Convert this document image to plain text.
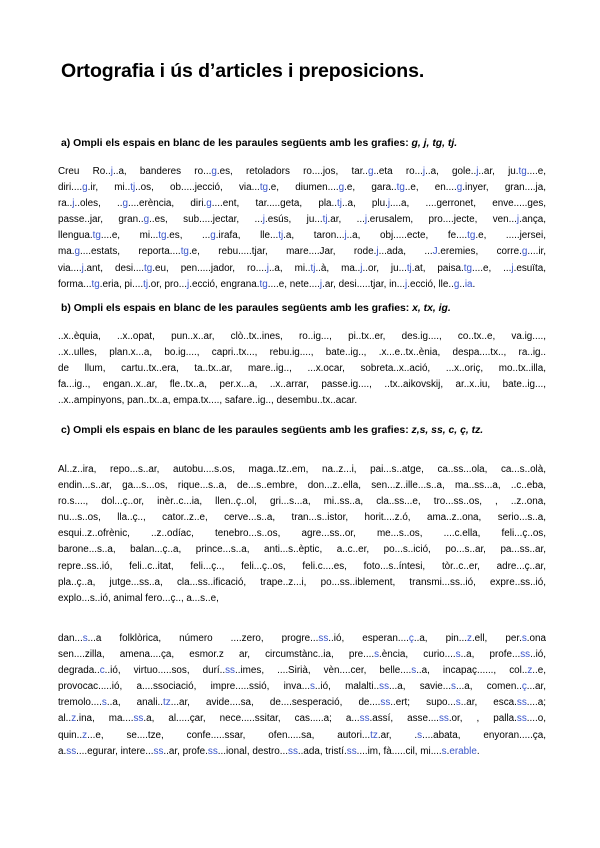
Ortografia i ús d’articles i preposicions.
a) Ompli els espais en blanc de les paraules següents amb les grafies: g, j, tg, tj.
Creu Ro..j..a, banderes ro...g.es, retoladors ro....jos, tar..g..eta ro...j..a, gole..j..ar, ju.tg....e,
diri....g.ir, mi..tj..os, ob.....jecció, via...tg.e, diumen....g.e, gara..tg..e, en....g.inyer, gran....ja,
ra..j..oles, ..g....erència, diri.g....ent, tar.....geta, pla..tj..a, plu.j....a, ....gerronet, enve.....ges,
passe..jar, gran..g..es, sub.....jectar, ...j.esús, ju...tj.ar, ...j.erusalem, pro....jecte, ven...j.ança,
llengua.tg....e, mi...tg.es, ...g.irafa, lle...tj.a, taron...j..a, obj.....ecte, fe....tg.e, .....jersei,
ma.g....estats, reporta....tg.e, rebu.....tjar, mare....Jar, rode.j...ada, ...J.eremies, corre.g....ir,
via....j.ant, desi....tg.eu, pen.....jador, ro....j..a, mi..tj..à, ma..j..or, ju...tj.at, paisa.tg....e, ...j.esuïta,
forma...tg.eria, pi....tj.or, pro...j.ecció, engrana.tg....e, nete....j.ar, desi.....tjar, in...j.ecció, lle..g..ia.
b) Ompli els espais en blanc de les paraules següents amb les grafies: x, tx, ig.
..x..èquia, ..x..opat, pun..x..ar, clò..tx..ines, ro..ig..., pi..tx..er, des.ig...., co..tx..e, va.ig....,
..x..ulles, plan.x...a, bo.ig...., capri..tx..., rebu.ig...., bate..ig.., .x...e..tx..ènia, despa....tx.., ra..ig..
de llum, cartu..tx..era, ta..tx..ar, mare..ig.., ...x.ocar, sobreta..x..ació, ...x..oriç, mo..tx..illa,
fa...ig.., engan..x..ar, fle..tx..a, per.x...a, ..x..arrar, passe.ig...., ..tx..aikovskij, ar..x..iu, bate..ig...,
..x..ampinyons, pan..tx..a, empa.tx...., safare..ig.., desembu..tx..acar.
c) Ompli els espais en blanc de les paraules següents amb les grafies: z,s, ss, c, ç, tz.
Al..z..ira, repo...s..ar, autobu....s.os, maga..tz..em, na..z...i, pai...s..atge, ca..ss...ola, ca...s..olà,
endin...s..ar, ga...s...os, rique...s..a, de...s..embre, don...z..ella, sen...z..ille...s..a, ma..ss...a, ..c..eba,
ro.s...., dol...ç..or, inèr..c...ia, llen..ç..ol, gri...s...a, mi..ss..a, cla..ss...e, tro...ss..os, , ..z..ona,
nu...s..os, lla..ç.., cator..z..e, cerve...s..a, tran...s..istor, horit....z.ó, ama..z..ona, serio...s..a,
esqui..z..ofrènic, ..z..odíac, tenebro...s..os, agre...ss..or, me...s..os, ....c.ella, feli...ç..os,
barone...s..a, balan...ç..a, prince...s..a, anti...s..èptic, a..c..er, po...s..ició, po...s..ar, pa...ss..ar,
repre..ss..ió, feli..c..itat, feli...ç.., feli...ç..os, feli.c....es, foto...s..íntesi, tòr..c..er, adre...ç..ar,
pla..ç..a, jutge...ss..a, cla...ss..ificació, trape..z...i, po...ss..iblement, transmi...ss..ió, expre..ss..ió,
explo...s..ió, animal fero...ç.., a...s..e,
dan...s...a folklòrica, número ....zero, progre...ss..ió, esperan....ç..a, pin...z.ell, per.s.ona
sen....zilla, amena....ça, esmor.z ar, circumstànc..ia, pre....s.ència, curio....s..a, profe...ss..ió,
degrada..c..ió, virtuo.....sos, durí..ss..imes, ....Sirià, vèn....cer, belle....s..a, incapaç......, col..z..e,
provocac.....ió, a....ssociació, impre.....ssió, inva...s..ió, malalti..ss...a, savie...s...a, comen..ç...ar,
tremolo....s..a, anali..tz...ar, avide....sa, de....sesperació, de....ss..ert; supo...s..ar, esca.ss....a;
al..z.ina, ma....ss.a, al.....çar, nece.....ssitar, cas.....a; a...ss.assí, asse....ss.or, , palla.ss....o,
quin..z...e, se....tze, confe.....ssar, ofen.....sa, autori...tz.ar, .s....abata, enyoran.....ça,
a.ss....egurar, intere...ss..ar, profe.ss...ional, destro...ss..ada, tristí.ss....im, fà.....cil, mi....s.erable.
